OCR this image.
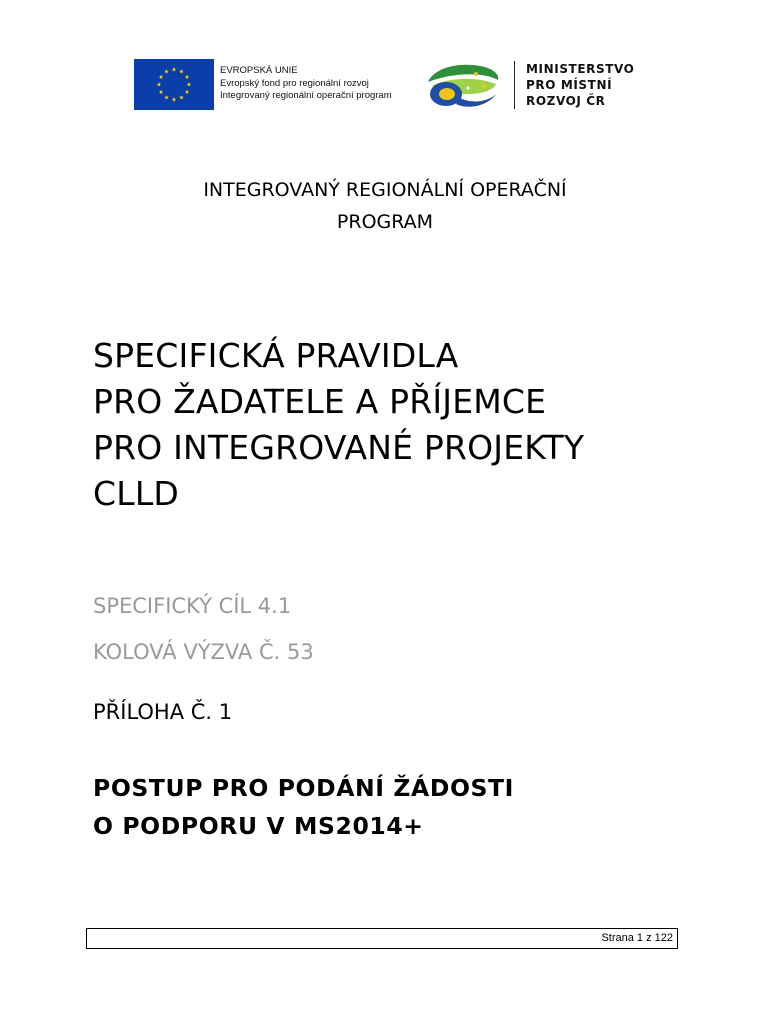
EVROPSKÁ UNIE
Evropský fond pro regionální rozvoj
Integrovaný regionální operační program
MINISTERSTVO
PRO MÍSTNÍ
ROZVOJ ČR
INTEGROVANÝ REGIONÁLNÍ OPERAČNÍ
PROGRAM
SPECIFICKÁ PRAVIDLA
PRO ŽADATELE A PŘÍJEMCE
PRO INTEGROVANÉ PROJEKTY
CLLD
SPECIFICKÝ CÍL 4.1
KOLOVÁ VÝZVA Č. 53
PŘÍLOHA Č. 1
POSTUP PRO PODÁNÍ ŽÁDOSTI
O PODPORU V MS2014+
Strana 1 z 122
